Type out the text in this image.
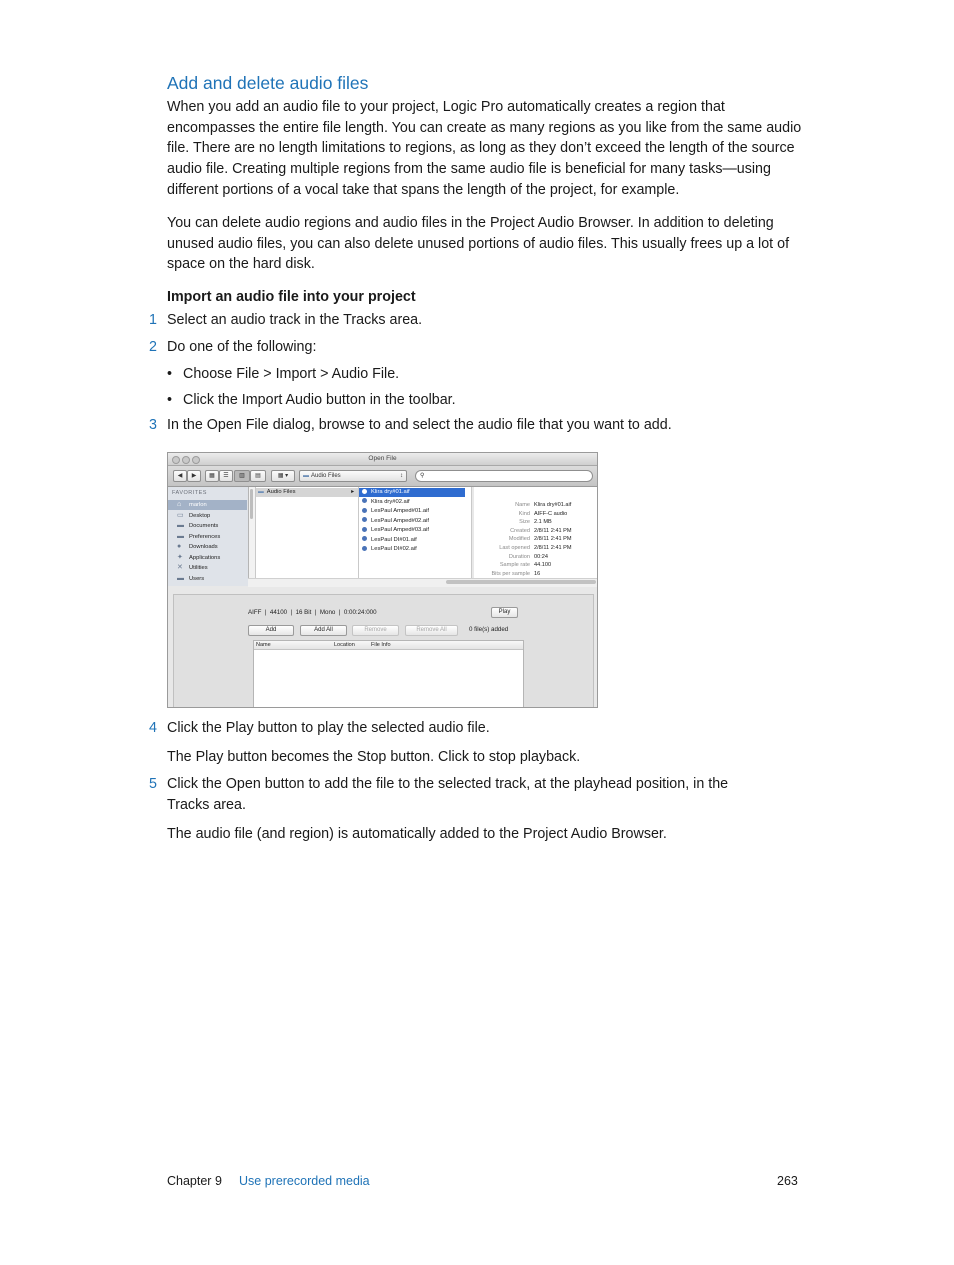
Add and delete audio files
When you add an audio file to your project, Logic Pro automatically creates a region that encompasses the entire file length. You can create as many regions as you like from the same audio file. There are no length limitations to regions, as long as they don’t exceed the length of the source audio file. Creating multiple regions from the same audio file is beneficial for many tasks—using different portions of a vocal take that spans the length of the project, for example.
You can delete audio regions and audio files in the Project Audio Browser. In addition to deleting unused audio files, you can also delete unused portions of audio files. This usually frees up a lot of space on the hard disk.
Import an audio file into your project
1 Select an audio track in the Tracks area.
2 Do one of the following:
• Choose File > Import > Audio File.
• Click the Import Audio button in the toolbar.
3 In the Open File dialog, browse to and select the audio file that you want to add.
Open File
◀	▶	▦	☰	▥	▤	▦ ▾	▬ Audio Files	↕	⚲
FAVORITES
⌂	marlon
▭ Desktop
▬ Documents
▬ Preferences
●	Downloads
✦	Applications
✕	Utilities
▬ Users
▬ Audio Files	▸	Klira dry#01.aif
Klira dry#02.aif
LesPaul Amped#01.aif
LesPaul Amped#02.aif
LesPaul Amped#03.aif
LesPaul DI#01.aif
LesPaul DI#02.aif
Name Klira dry#01.aif
Kind AIFF-C audio
Size 2.1 MB
Created 2/8/11 2:41 PM
Modified 2/8/11 2:41 PM
Last opened 2/8/11 2:41 PM
Duration 00:24
Sample rate 44.100
Bits per sample 16
AIFF  |  44100  |  16 Bit  |  Mono  |  0:00:24:000	Play
Add	Add All	Remove	Remove All	0 file(s) added
Name	Location	File Info
4 Click the Play button to play the selected audio file.
The Play button becomes the Stop button. Click to stop playback.
5 Click the Open button to add the file to the selected track, at the playhead position, in the Tracks area.
The audio file (and region) is automatically added to the Project Audio Browser.
Chapter 9 Use prerecorded media	263
